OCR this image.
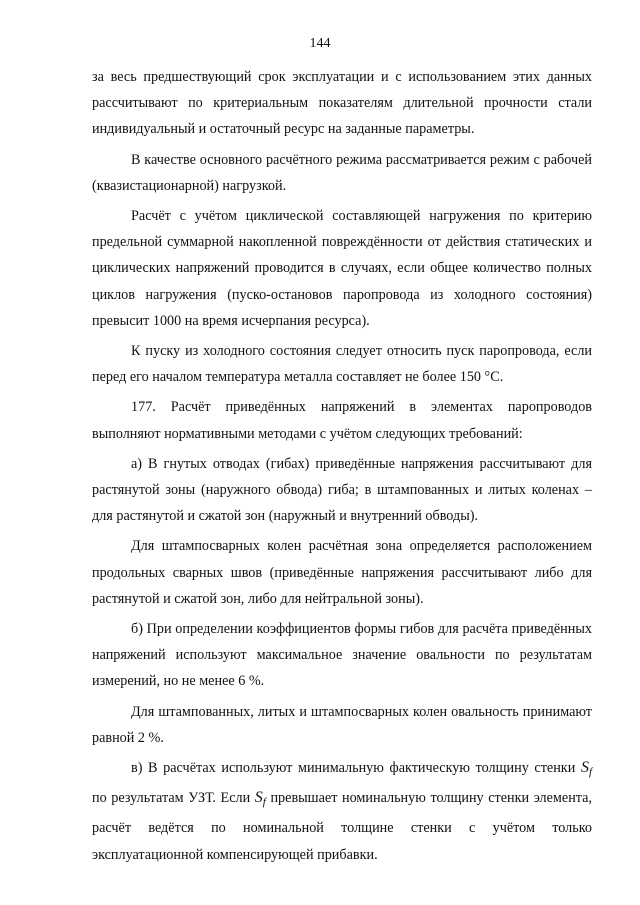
144

за весь предшествующий срок эксплуатации и с использованием этих данных рассчитывают по критериальным показателям длительной прочности стали индивидуальный и остаточный ресурс на заданные параметры.

В качестве основного расчётного режима рассматривается режим с рабочей (квазистационарной) нагрузкой.

Расчёт с учётом циклической составляющей нагружения по критерию предельной суммарной накопленной повреждённости от действия статических и циклических напряжений проводится в случаях, если общее количество полных циклов нагружения (пуско-остановов паропровода из холодного состояния) превысит 1000 на время исчерпания ресурса).

К пуску из холодного состояния следует относить пуск паропровода, если перед его началом температура металла составляет не более 150 °С.

177. Расчёт приведённых напряжений в элементах паропроводов выполняют нормативными методами с учётом следующих требований:

а) В гнутых отводах (гибах) приведённые напряжения рассчитывают для растянутой зоны (наружного обвода) гиба; в штампованных и литых коленах – для растянутой и сжатой зон (наружный и внутренний обводы).

Для штампосварных колен расчётная зона определяется расположением продольных сварных швов (приведённые напряжения рассчитывают либо для растянутой и сжатой зон, либо для нейтральной зоны).

б) При определении коэффициентов формы гибов для расчёта приведённых напряжений используют максимальное значение овальности по результатам измерений, но не менее 6 %.

Для штампованных, литых и штампосварных колен овальность принимают равной 2 %.

в) В расчётах используют минимальную фактическую толщину стенки $S_f$ по результатам УЗТ. Если $S_f$ превышает номинальную толщину стенки элемента, расчёт ведётся по номинальной толщине стенки с учётом только эксплуатационной компенсирующей прибавки.
